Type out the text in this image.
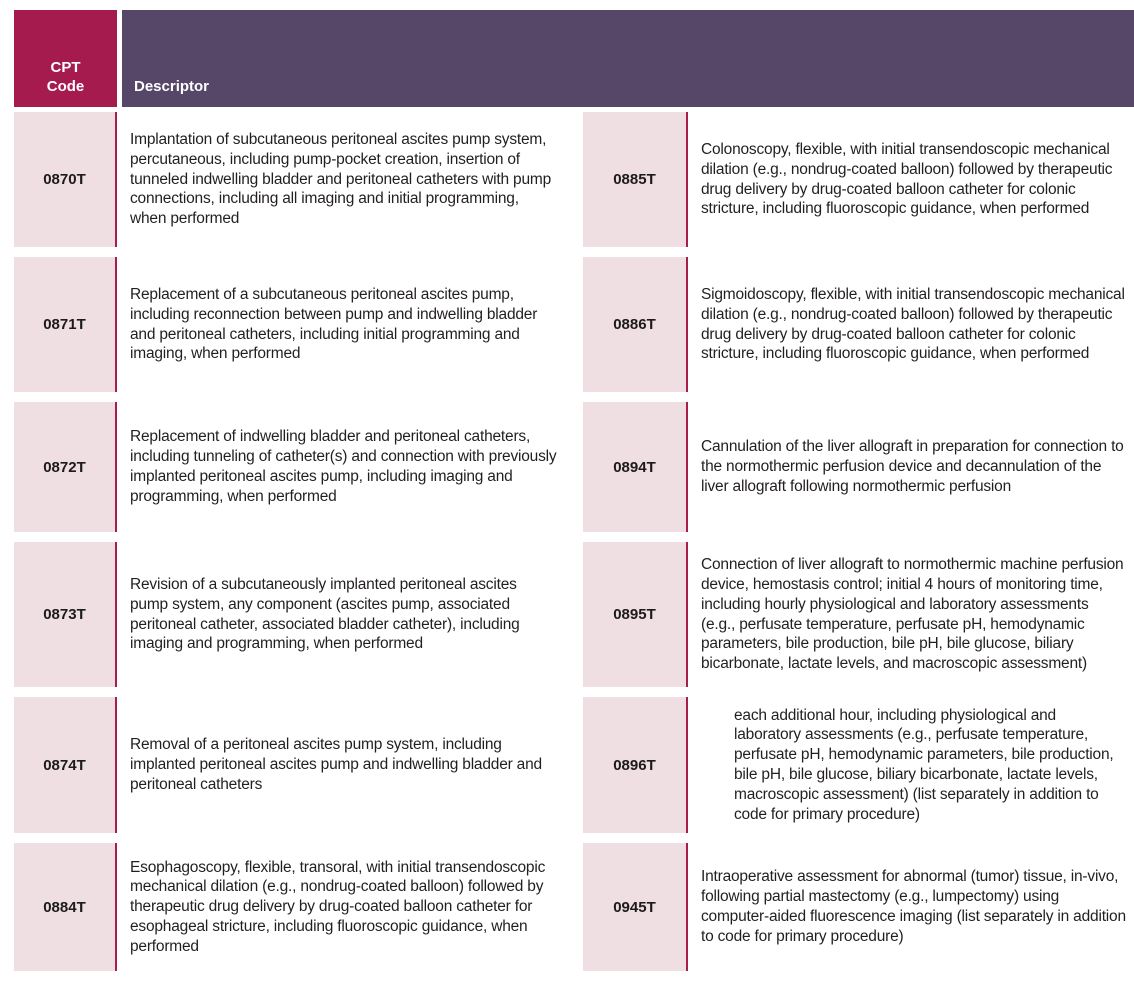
CPT Code	Descriptor
0870T
Implantation of subcutaneous peritoneal ascites pump system, percutaneous, including pump-pocket creation, insertion of tunneled indwelling bladder and peritoneal catheters with pump connections, including all imaging and initial programming, when performed
0885T
Colonoscopy, flexible, with initial transendoscopic mechanical dilation (e.g., nondrug-coated balloon) followed by therapeutic drug delivery by drug-coated balloon catheter for colonic stricture, including fluoroscopic guidance, when performed
0871T
Replacement of a subcutaneous peritoneal ascites pump, including reconnection between pump and indwelling bladder and peritoneal catheters, including initial programming and imaging, when performed
0886T
Sigmoidoscopy, flexible, with initial transendoscopic mechanical dilation (e.g., nondrug-coated balloon) followed by therapeutic drug delivery by drug-coated balloon catheter for colonic stricture, including fluoroscopic guidance, when performed
0872T
Replacement of indwelling bladder and peritoneal catheters, including tunneling of catheter(s) and connection with previously implanted peritoneal ascites pump, including imaging and programming, when performed
0894T
Cannulation of the liver allograft in preparation for connection to the normothermic perfusion device and decannulation of the liver allograft following normothermic perfusion
0873T
Revision of a subcutaneously implanted peritoneal ascites pump system, any component (ascites pump, associated peritoneal catheter, associated bladder catheter), including imaging and programming, when performed
0895T
Connection of liver allograft to normothermic machine perfusion device, hemostasis control; initial 4 hours of monitoring time, including hourly physiological and laboratory assessments (e.g., perfusate temperature, perfusate pH, hemodynamic parameters, bile production, bile pH, bile glucose, biliary bicarbonate, lactate levels, and macroscopic assessment)
0874T
Removal of a peritoneal ascites pump system, including implanted peritoneal ascites pump and indwelling bladder and peritoneal catheters
0896T
each additional hour, including physiological and laboratory assessments (e.g., perfusate temperature, perfusate pH, hemodynamic parameters, bile production, bile pH, bile glucose, biliary bicarbonate, lactate levels, macroscopic assessment) (list separately in addition to code for primary procedure)
0884T
Esophagoscopy, flexible, transoral, with initial transendoscopic mechanical dilation (e.g., nondrug-coated balloon) followed by therapeutic drug delivery by drug-coated balloon catheter for esophageal stricture, including fluoroscopic guidance, when performed
0945T
Intraoperative assessment for abnormal (tumor) tissue, in-vivo, following partial mastectomy (e.g., lumpectomy) using computer-aided fluorescence imaging (list separately in addition to code for primary procedure)
